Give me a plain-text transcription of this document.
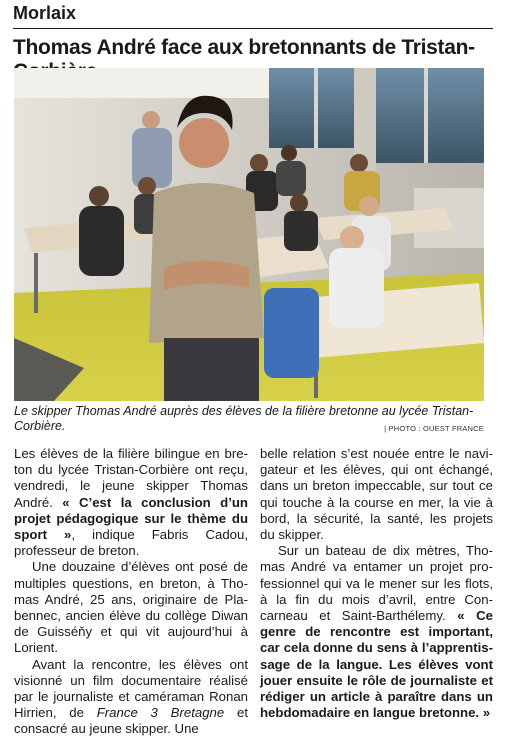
Morlaix
Thomas André face aux bretonnants de Tristan-

Le skipper Thomas André auprès des élèves de la filière bretonne au lycée Tristan-Corbière.	| PHOTO : OUEST FRANCE

Les élèves de la filière bilingue en breton du lycée Tristan-Corbière ont reçu, vendredi, le jeune skipper Thomas André. « C’est la conclusion d’un projet pédagogique sur le thème du sport », indique Fabris Cadou, professeur de breton.

Une douzaine d’élèves ont posé de multiples questions, en breton, à Thomas André, 25 ans, originaire de Plabennec, ancien élève du collège Diwan de Guisséňy et qui vit aujourd’hui à Lorient.

Avant la rencontre, les élèves ont visionné un film documentaire réalisé par le journaliste et caméraman Ronan Hirrien, de France 3 Bretagne et consacré au jeune skipper. Une

belle relation s’est nouée entre le navigateur et les élèves, qui ont échangé, dans un breton impeccable, sur tout ce qui touche à la course en mer, la vie à bord, la sécurité, la santé, les projets du skipper.

Sur un bateau de dix mètres, Thomas André va entamer un projet professionnel qui va le mener sur les flots, à la fin du mois d’avril, entre Concarneau et Saint-Barthélemy. « Ce genre de rencontre est important, car cela donne du sens à l’apprentissage de la langue. Les élèves vont jouer ensuite le rôle de journaliste et rédiger un article à paraître dans un hebdomadaire en langue bretonne. »
